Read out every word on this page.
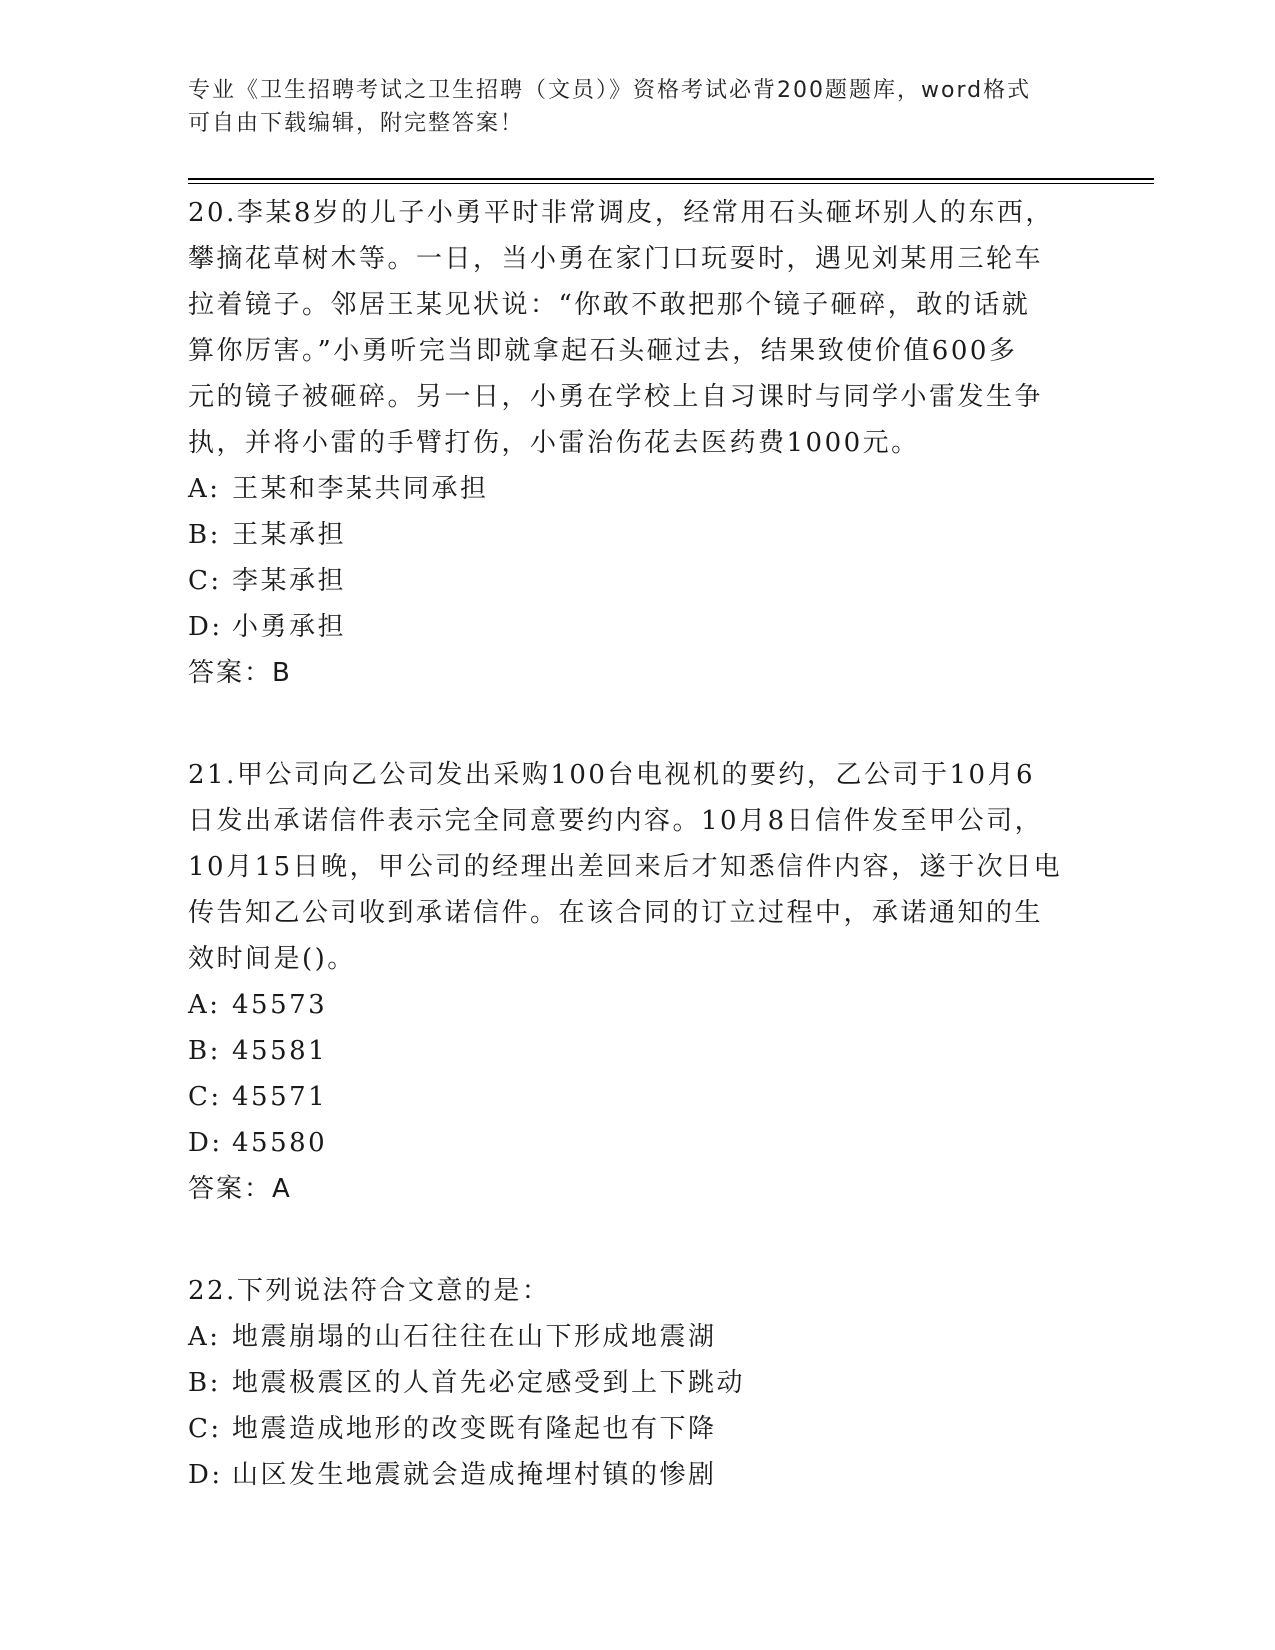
专业《卫生招聘考试之卫生招聘（文员）》资格考试必背200题题库，word格式
可自由下载编辑，附完整答案！
20.李某8岁的儿子小勇平时非常调皮，经常用石头砸坏别人的东西，
攀摘花草树木等。一日，当小勇在家门口玩耍时，遇见刘某用三轮车
拉着镜子。邻居王某见状说：“你敢不敢把那个镜子砸碎，敢的话就
算你厉害。”小勇听完当即就拿起石头砸过去，结果致使价值600多
元的镜子被砸碎。另一日，小勇在学校上自习课时与同学小雷发生争
执，并将小雷的手臂打伤，小雷治伤花去医药费1000元。
A: 王某和李某共同承担
B: 王某承担
C: 李某承担
D: 小勇承担
答案：B
21.甲公司向乙公司发出采购100台电视机的要约，乙公司于10月6
日发出承诺信件表示完全同意要约内容。10月8日信件发至甲公司，
10月15日晚，甲公司的经理出差回来后才知悉信件内容，遂于次日电
传告知乙公司收到承诺信件。在该合同的订立过程中，承诺通知的生
效时间是()。
A: 45573
B: 45581
C: 45571
D: 45580
答案：A
22.下列说法符合文意的是：
A: 地震崩塌的山石往往在山下形成地震湖
B: 地震极震区的人首先必定感受到上下跳动
C: 地震造成地形的改变既有隆起也有下降
D: 山区发生地震就会造成掩埋村镇的惨剧
